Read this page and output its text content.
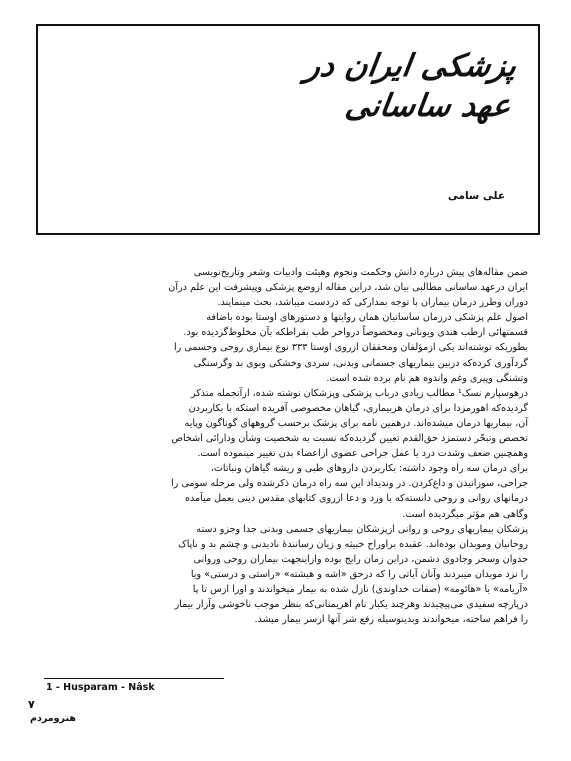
پزشکی ایران در عهد ساسانی
علی سامی

ضمن مقاله‌های پیش درباره دانش وحکمت ونجوم وهیئت وادبیات وشعر وتاریخ‌نویسی

ایران درعهد ساسانی مطالبی بیان شد، دراین مقاله ازوضع پزشکی وپیشرفت این علم درآن

دوران وطرز درمان بیماران با توجه بمدارکی که دردست میباشد، بحث مینمایند.

اصول علم پزشکی درزمان ساسانیان همان روایتها و دستورهای اوستا بوده باضافه

قسمتهائی ازطب هندی ویونانی ومخصوصاً درواخر طب بقراطکه بآن مخلوط‌گردیده بود.

بطوریکه نوشته‌اند یکی ازمؤلفان ومحققان ازروی اوستا ۳۳۳ نوع بیماری روحی وجسمی را

گردآوری کرده‌که دربین بیماریهای جسمانی وبدنی، سردی وخشکی وبوی بد وگرسنگی

وتشنگی وپیری وغم واندوه هم نام برده شده است.

درهوسپارم نسک¹ مطالب زیادی درباب پزشکی وپزشکان نوشته شده، ازآنجمله متذکر

گردیده‌که اهورمزدا برای درمان هربیماری، گیاهان مخصوصی آفریده استکه با بکاربردن

آن، بیماریها درمان میشده‌اند. درهمین نامه برای پزشک برحسب گروههای گوناگون وپایه

تخصص وتبحّر دستمزد حق‌القدم تعیین گردیده‌که نسبت به شخصیت وشأن ودارائی اشخاص

وهمچنین ضعف وشدت درد یا عمل جراحی عضوی ازاعضاء بدن تغییر مینموده است.

برای درمان سه راه وجود داشته: بکاربردن داروهای طبی و ریشه گیاهان ونباتات،

جراحی، سوزانیدن و داغ‌کردن. در وندیداد این سه راه درمان ذکرشده ولی مرحله سومی را

درمانهای روانی و روحی دانسته‌که با ورد و دعا ازروی کتابهای مقدس دینی بعمل میآمده

وگاهی هم مؤثر میگردیده است.

پزشکان بیماریهای روحی و روانی ازپزشکان بیماریهای جسمی وبدنی جدا وجزو دسته

روحانیان وموبدان بوده‌اند. عقیده براوراح خبیثه و زیان رسانندهٔ نادیدنی و چشم بد و ناپاک

جدوان وسحر وجادوی دشمن، دراین زمان رایج بوده وازاینجهت بیماران روحی وروانی

را نزد موبدان میبردند وآنان آیاتی را که درحق «اشه و هیشته» «راستی و درستی» ویا

«آریامه» یا «هائومه» (صفات خداوندی) نازل شده به بیمار میخواندند و اورا ازس تا پا

درپارچه سفیدی می‌پیچیدند وهرچند یکبار نام اهریمنانی‌که بنظر موجب ناخوشی وآزار بیمار

را فراهم ساخته، میخواندند وبدینوسیله رفع شر آنها ازسر بیمار میشد.

1 - Husparam - Nâsk
۷
هنرومردم
